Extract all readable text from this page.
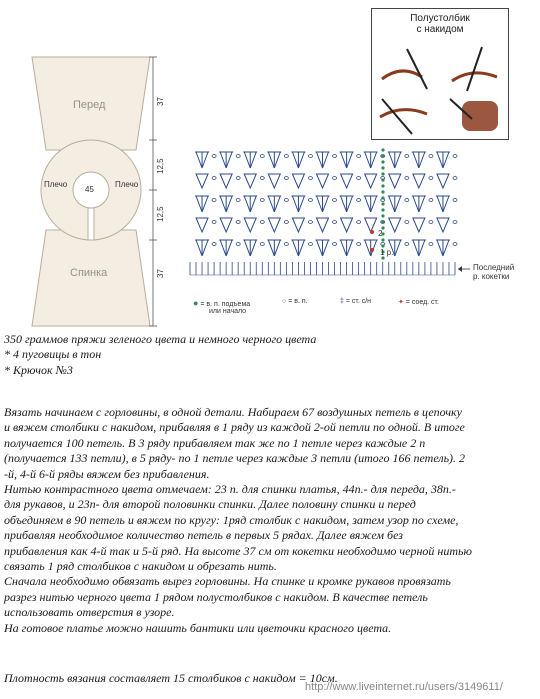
Перед
Спинка
Плечо	Плечо
45
37
12,5
12,5
37
Полустолбик
с накидом
2
1 р.
Последний
р. кокетки
● = в. п. подъема
или начало
○ = в. п.	‡ = ст. с/н	✦ = соед. ст.
350 граммов пряжи зеленого цвета и немного черного цвета
* 4 пуговицы в тон
* Крючок №3
Вязать начинаем с горловины, в одной детали. Набираем 67 воздушных петель в цепочку
и вяжем столбики с накидом, прибавляя в 1 ряду из каждой 2-ой петли по одной. В итоге
получается 100 петель. В 3 ряду прибавляем так же по 1 петле через каждые 2 п
(получается 133 петли), в 5 ряду- по 1 петле через каждые 3 петли (итого 166 петель). 2
-й, 4-й 6-й ряды вяжем без прибавления.
Нитью контрастного цвета отмечаем: 23 п. для спинки платья, 44п.- для переда, 38п.-
для рукавов, и 23п- для второй половинки спинки. Далее половину спинки и перед
объединяем в 90 петель и вяжем по кругу: 1ряд столбик с накидом, затем узор по схеме,
прибавляя необходимое количество петель в первых 5 рядах. Далее вяжем без
прибавления как 4-й так и 5-й ряд. На высоте 37 см от кокетки необходимо черной нитью
связать 1 ряд столбиков с накидом и обрезать нить.
Сначала необходимо обвязать вырез горловины. На спинке и кромке рукавов провязать
разрез нитью черного цвета 1 рядом полустолбиков с накидом. В качестве петель
использовать отверстия в узоре.
На готовое платье можно нашить бантики или цветочки красного цвета.
Плотность вязания составляет 15 столбиков с накидом = 10см.
http://www.liveinternet.ru/users/3149611/
